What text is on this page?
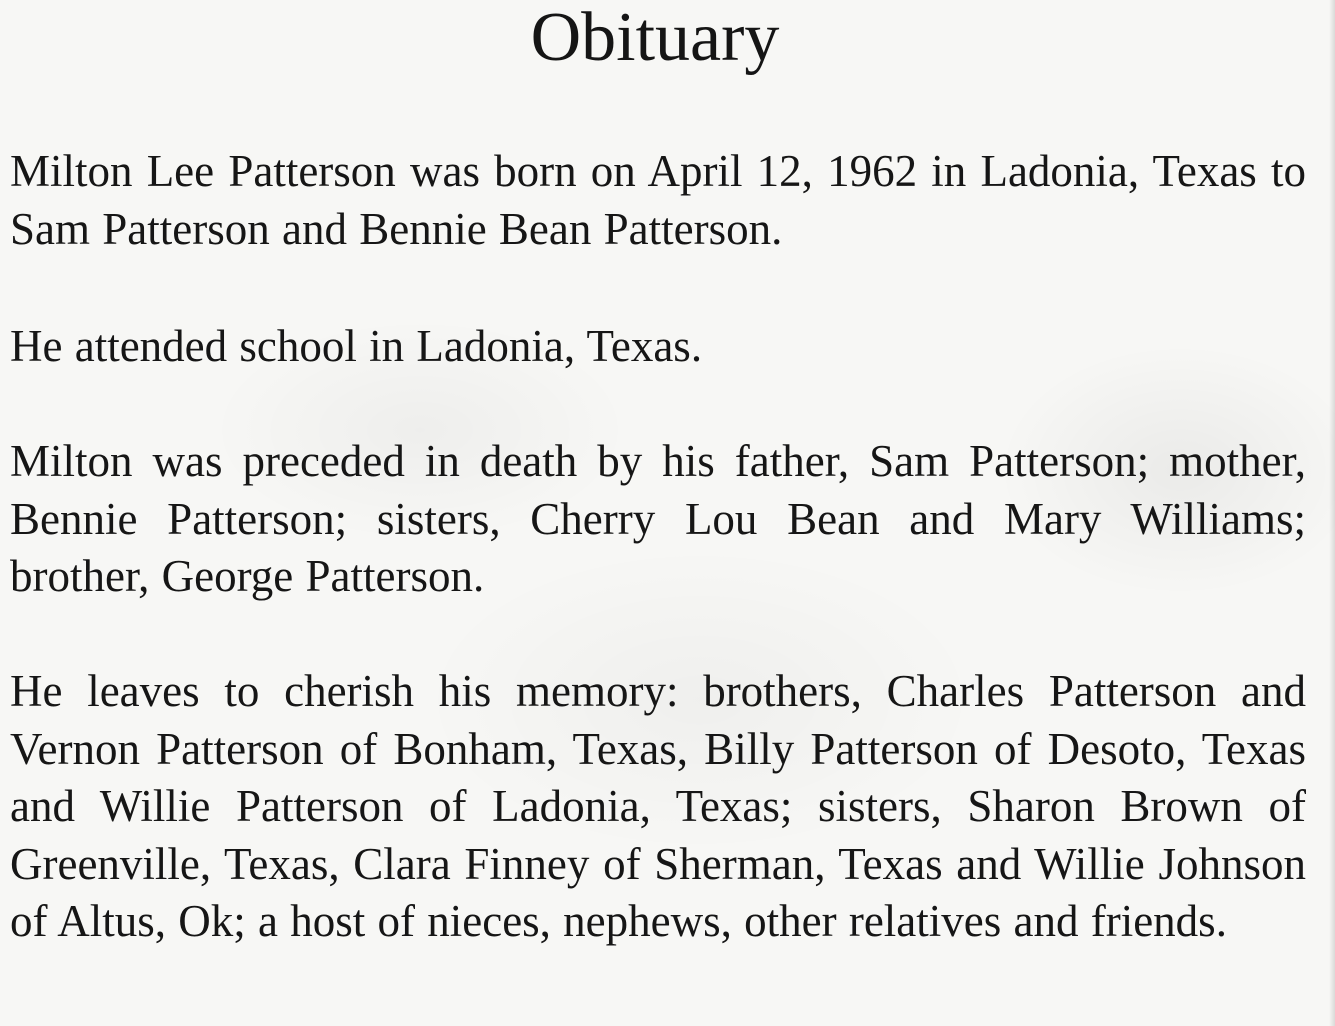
Obituary

Milton Lee Patterson was born on April 12, 1962 in Ladonia, Texas to Sam Patterson and Bennie Bean Patterson.

He attended school in Ladonia, Texas.

Milton was preceded in death by his father, Sam Patterson; mother, Bennie Patterson; sisters, Cherry Lou Bean and Mary Williams; brother, George Patterson.

He leaves to cherish his memory: brothers, Charles Patterson and Vernon Patterson of Bonham, Texas, Billy Patterson of Desoto, Texas and Willie Patterson of Ladonia, Texas; sisters, Sharon Brown of Greenville, Texas, Clara Finney of Sherman, Texas and Willie Johnson of Altus, Ok; a host of nieces, nephews, other relatives and friends.
